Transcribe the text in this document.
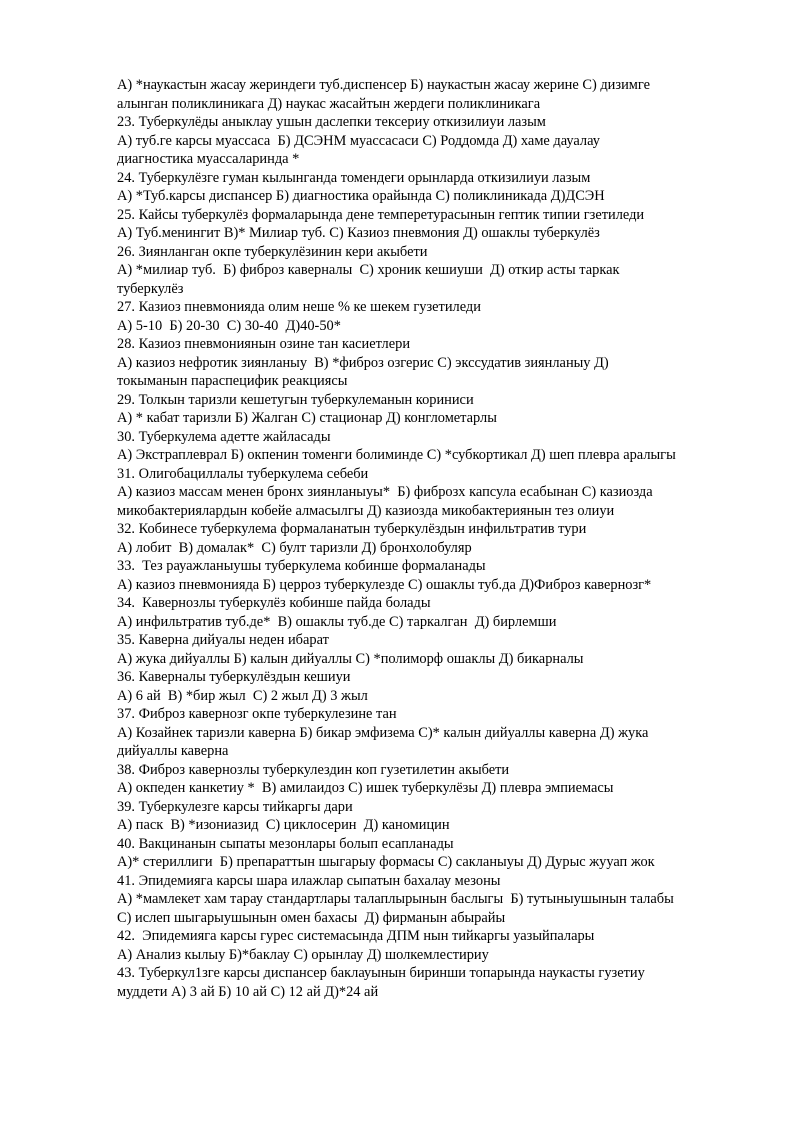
А) *наукастын жасау жериндеги туб.диспенсер Б) наукастын жасау жерине С) дизимге
алынган поликлиникага Д) наукас жасайтын жердеги поликлиникага
23. Туберкулёды аныклау ушын даслепки тексериу откизилиуи лазым
А) туб.ге карсы муассаса  Б) ДСЭНМ муассасаси С) Роддомда Д) хаме дауалау
диагностика муассаларинда *
24. Туберкулёзге гуман кылынганда томендеги орынларда откизилиуи лазым
А) *Туб.карсы диспансер Б) диагностика орайында С) поликлиникада Д)ДСЭН
25. Кайсы туберкулёз формаларында дене темперетурасынын гептик типии гзетиледи
А) Туб.менингит В)* Милиар туб. С) Казиоз пневмония Д) ошаклы туберкулёз
26. Зиянланган окпе туберкулёзинин кери акыбети
А) *милиар туб.  Б) фиброз каверналы  С) хроник кешиуши  Д) откир асты таркак
туберкулёз
27. Казиоз пневмонияда олим неше % ке шекем гузетиледи
А) 5-10  Б) 20-30  С) 30-40  Д)40-50*
28. Казиоз пневмониянын озине тан касиетлери
А) казиоз нефротик зиянланыу  В) *фиброз озгерис С) экссудатив зиянланыу Д)
токыманын параспецифик реакциясы
29. Толкын таризли кешетугын туберкулеманын кориниси
А) * кабат таризли Б) Жалган С) стационар Д) конглометарлы
30. Туберкулема адетте жайласады
А) Экстраплеврал Б) окпенин томенги болиминде С) *субкортикал Д) шеп плевра аралыгы
31. Олигобациллалы туберкулема себеби
А) казиоз массам менен бронх зиянланыуы*  Б) фиброзх капсула есабынан С) казиозда
микобактериялардын кобейе алмасылгы Д) казиозда микобактериянын тез олиуи
32. Кобинесе туберкулема формаланатын туберкулёздын инфильтратив тури
А) лобит  В) домалак*  С) булт таризли Д) бронхолобуляр
33.  Тез рауажланыушы туберкулема кобинше формаланады
А) казиоз пневмонияда Б) церроз туберкулезде С) ошаклы туб.да Д)Фиброз кавернозг*
34.  Кавернозлы туберкулёз кобинше пайда болады
А) инфильтратив туб.де*  В) ошаклы туб.де С) таркалган  Д) бирлемши
35. Каверна дийуалы неден ибарат
А) жука дийуаллы Б) калын дийуаллы С) *полиморф ошаклы Д) бикарналы
36. Каверналы туберкулёздын кешиуи
А) 6 ай  В) *бир жыл  С) 2 жыл Д) 3 жыл
37. Фиброз кавернозг окпе туберкулезине тан
А) Козайнек таризли каверна Б) бикар эмфизема С)* калын дийуаллы каверна Д) жука
дийуаллы каверна
38. Фиброз кавернозлы туберкулездин коп гузетилетин акыбети
А) окпеден канкетиу *  В) амилаидоз С) ишек туберкулёзы Д) плевра эмпиемасы
39. Туберкулезге карсы тийкаргы дари
А) паск  В) *изониазид  С) циклосерин  Д) каномицин
40. Вакцинанын сыпаты мезонлары болып есапланады
А)* стериллиги  Б) препараттын шыгарыу формасы С) сакланыуы Д) Дурыс жууап жок
41. Эпидемияга карсы шара илажлар сыпатын бахалау мезоны
А) *мамлекет хам тарау стандартлары талаплырынын баслыгы  Б) тутыныушынын талабы
С) ислеп шыгарыушынын омен бахасы  Д) фирманын абырайы
42.  Эпидемияга карсы гурес системасында ДПМ нын тийкаргы уазыйпалары
А) Анализ кылыу Б)*баклау С) орынлау Д) шолкемлестириу
43. Туберкул1зге карсы диспансер баклауынын биринши топарында наукасты гузетиу
муддети А) 3 ай Б) 10 ай С) 12 ай Д)*24 ай
